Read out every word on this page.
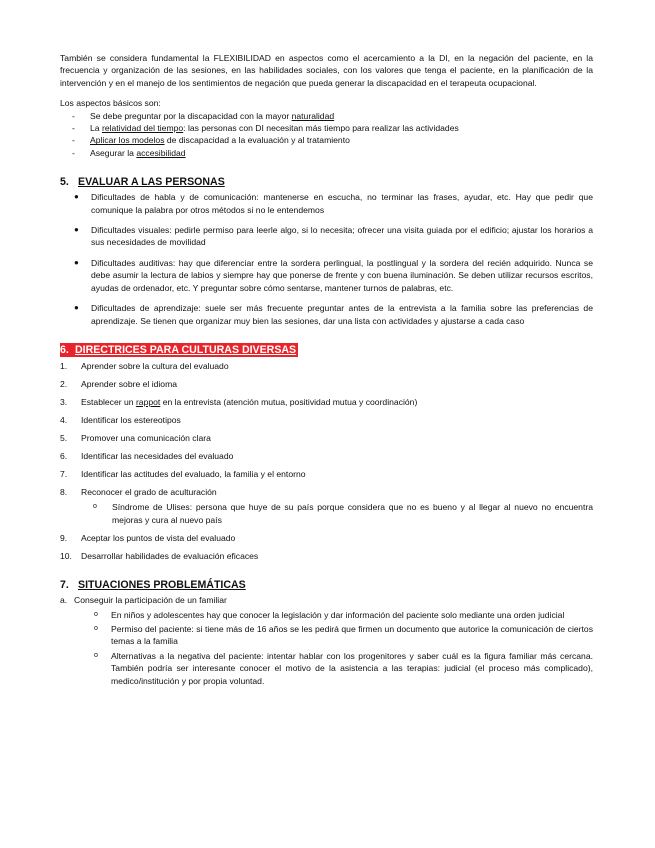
También se considera fundamental la FLEXIBILIDAD en aspectos como el acercamiento a la DI, en la negación del paciente, en la frecuencia y organización de las sesiones, en las habilidades sociales, con los valores que tenga el paciente, en la planificación de la intervención y en el manejo de los sentimientos de negación que pueda generar la discapacidad en el terapeuta ocupacional.

Los aspectos básicos son:

-	Se debe preguntar por la discapacidad con la mayor naturalidad
-	La relatividad del tiempo: las personas con DI necesitan más tiempo para realizar las actividades
-	Aplicar los modelos de discapacidad a la evaluación y al tratamiento
-	Asegurar la accesibilidad
5. EVALUAR A LAS PERSONAS
●	Dificultades de habla y de comunicación: mantenerse en escucha, no terminar las frases, ayudar, etc. Hay que pedir que comunique la palabra por otros métodos si no le entendemos
●	Dificultades visuales: pedirle permiso para leerle algo, si lo necesita; ofrecer una visita guiada por el edificio; ajustar los horarios a sus necesidades de movilidad
●	Dificultades auditivas: hay que diferenciar entre la sordera perlingual, la postlingual y la sordera del recién adquirido. Nunca se debe asumir la lectura de labios y siempre hay que ponerse de frente y con buena iluminación. Se deben utilizar recursos escritos, ayudas de ordenador, etc. Y preguntar sobre cómo sentarse, mantener turnos de palabras, etc.
●	Dificultades de aprendizaje: suele ser más frecuente preguntar antes de la entrevista a la familia sobre las preferencias de aprendizaje. Se tienen que organizar muy bien las sesiones, dar una lista con actividades y ajustarse a cada caso
6. DIRECTRICES PARA CULTURAS DIVERSAS
1.	Aprender sobre la cultura del evaluado
2.	Aprender sobre el idioma
3.	Establecer un rappot en la entrevista (atención mutua, positividad mutua y coordinación)
4.	Identificar los estereotipos
5.	Promover una comunicación clara
6.	Identificar las necesidades del evaluado
7.	Identificar las actitudes del evaluado, la familia y el entorno
8.	Reconocer el grado de aculturación
o	Síndrome de Ulises: persona que huye de su país porque considera que no es bueno y al llegar al nuevo no encuentra mejoras y cura al nuevo país
9.	Aceptar los puntos de vista del evaluado
10.	Desarrollar habilidades de evaluación eficaces
7. SITUACIONES PROBLEMÁTICAS
a. Conseguir la participación de un familiar
o	En niños y adolescentes hay que conocer la legislación y dar información del paciente solo mediante una orden judicial
o	Permiso del paciente: si tiene más de 16 años se les pedirá que firmen un documento que autorice la comunicación de ciertos temas a la familia
o	Alternativas a la negativa del paciente: intentar hablar con los progenitores y saber cuál es la figura familiar más cercana. También podría ser interesante conocer el motivo de la asistencia a las terapias: judicial (el proceso más complicado), medico/institución y por propia voluntad.
